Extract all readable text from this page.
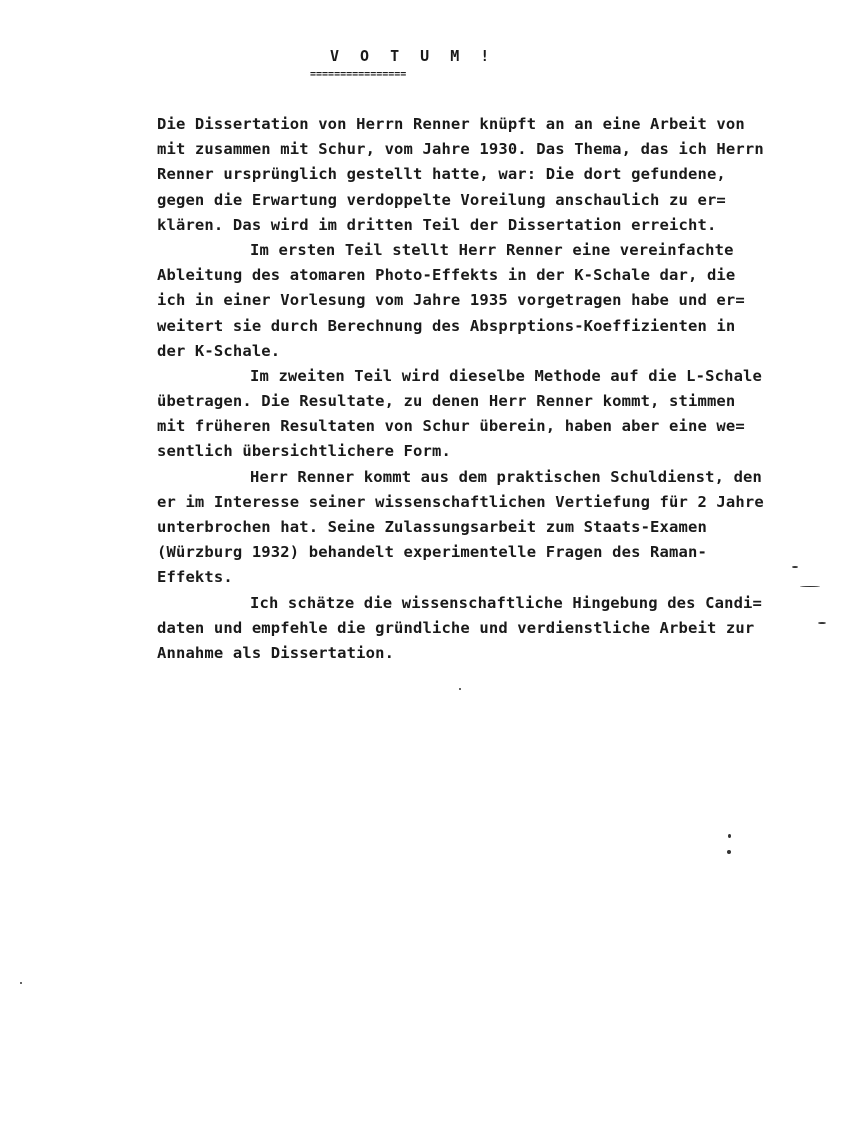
V O T U M !
================
Die Dissertation von Herrn Renner knüpft an an eine Arbeit von
mit zusammen mit Schur, vom Jahre 1930. Das Thema, das ich Herrn
Renner ursprünglich gestellt hatte, war: Die dort gefundene,
gegen die Erwartung verdoppelte Voreilung anschaulich zu er=
klären. Das wird im dritten Teil der Dissertation erreicht.
Im ersten Teil stellt Herr Renner eine vereinfachte
Ableitung des atomaren Photo-Effekts in der K-Schale dar, die
ich in einer Vorlesung vom Jahre 1935 vorgetragen habe und er=
weitert sie durch Berechnung des Absprptions-Koeffizienten in
der K-Schale.
Im zweiten Teil wird dieselbe Methode auf die L-Schale
übetragen. Die Resultate, zu denen Herr Renner kommt, stimmen
mit früheren Resultaten von Schur überein, haben aber eine we=
sentlich übersichtlichere Form.
Herr Renner kommt aus dem praktischen Schuldienst, den
er im Interesse seiner wissenschaftlichen Vertiefung für 2 Jahre
unterbrochen hat. Seine Zulassungsarbeit zum Staats-Examen
(Würzburg 1932) behandelt experimentelle Fragen des Raman-
Effekts.
Ich schätze die wissenschaftliche Hingebung des Candi=
daten und empfehle die gründliche und verdienstliche Arbeit zur
Annahme als Dissertation.
